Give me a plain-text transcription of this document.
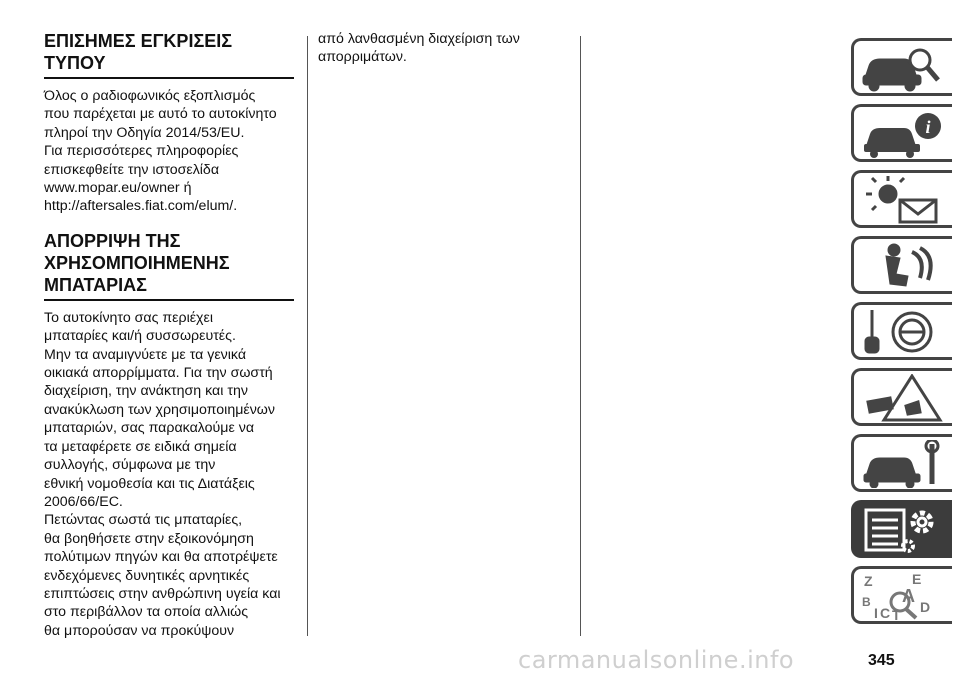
ΕΠΙΣΗΜΕΣ ΕΓΚΡΙΣΕΙΣ
ΤΥΠΟΥ

Όλος ο ραδιοφωνικός εξοπλισμός
που παρέχεται με αυτό το αυτοκίνητο
πληροί την Οδηγία 2014/53/EU.
Για περισσότερες πληροφορίες
επισκεφθείτε την ιστοσελίδα
www.mopar.eu/owner ή
http://aftersales.fiat.com/elum/.

ΑΠΟΡΡΙΨΗ ΤΗΣ
ΧΡΗΣΟΜΠΟΙΗΜΕΝΗΣ
ΜΠΑΤΑΡΙΑΣ

Το αυτοκίνητο σας περιέχει
μπαταρίες και/ή συσσωρευτές.
Μην τα αναμιγνύετε με τα γενικά
οικιακά απορρίμματα. Για την σωστή
διαχείριση, την ανάκτηση και την
ανακύκλωση των χρησιμοποιημένων
μπαταριών, σας παρακαλούμε να
τα μεταφέρετε σε ειδικά σημεία
συλλογής, σύμφωνα με την
εθνική νομοθεσία και τις Διατάξεις
2006/66/EC.
Πετώντας σωστά τις μπαταρίες,
θα βοηθήσετε στην εξοικονόμηση
πολύτιμων πηγών και θα αποτρέψετε
ενδεχόμενες δυνητικές αρνητικές
επιπτώσεις στην ανθρώπινη υγεία και
στο περιβάλλον τα οποία αλλιώς
θα μπορούσαν να προκύψουν

από λανθασμένη διαχείριση των
απορριμάτων.

i
Z	E
A
B	D
C T
I
carmanualsonline.info	345
